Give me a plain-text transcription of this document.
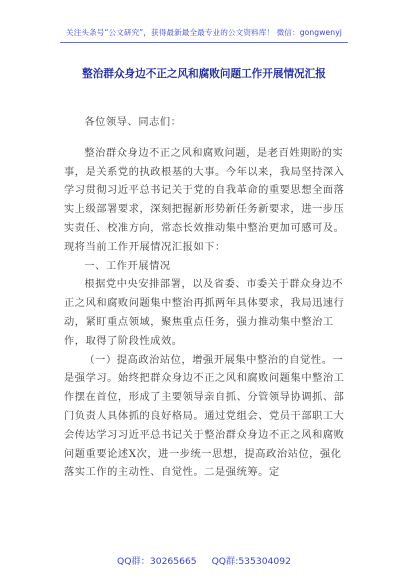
关注头条号“公文研究”，获得最新最全最专业的公文资料库！ 微信：gongwenyj
整治群众身边不正之风和腐败问题工作开展情况汇报

各位领导、同志们：

整治群众身边不正之风和腐败问题，是老百姓期盼的实事，是关系党的执政根基的大事。今年以来，我局坚持深入学习贯彻习近平总书记关于党的自我革命的重要思想全面落实上级部署要求，深刻把握新形势新任务新要求，进一步压实责任、校准方向，常态长效推动集中整治更加可感可及。现将当前工作开展情况汇报如下：

一、工作开展情况

根据党中央安排部署，以及省委、市委关于群众身边不正之风和腐败问题集中整治再抓两年具体要求，我局迅速行动，紧盯重点领域，聚焦重点任务，强力推动集中整治工作，取得了阶段性成效。

（一）提高政治站位，增强开展集中整治的自觉性。一是强学习。始终把群众身边不正之风和腐败问题集中整治工作摆在首位，形成了主要领导亲自抓、分管领导协调抓、部门负责人具体抓的良好格局。通过党组会、党员干部职工大会传达学习习近平总书记关于整治群众身边不正之风和腐败问题重要论述X次，进一步统一思想，提高政治站位，强化落实工作的主动性、自觉性。二是强统筹。定

QQ群：30265665 QQ群:535304092
